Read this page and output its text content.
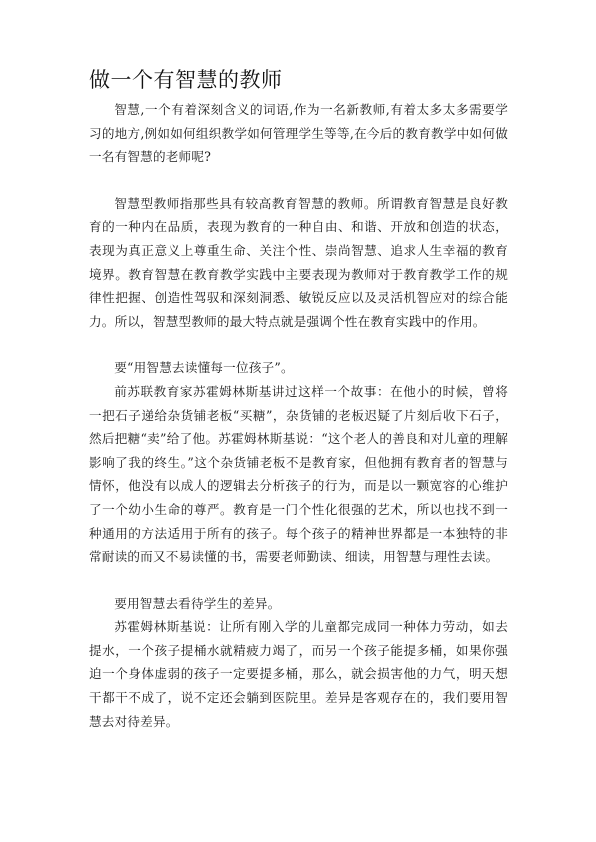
做一个有智慧的教师

智慧,一个有着深刻含义的词语,作为一名新教师,有着太多太多需要学习的地方,例如如何组织教学如何管理学生等等,在今后的教育教学中如何做一名有智慧的老师呢?

智慧型教师指那些具有较高教育智慧的教师。所谓教育智慧是良好教育的一种内在品质，表现为教育的一种自由、和谐、开放和创造的状态，表现为真正意义上尊重生命、关注个性、崇尚智慧、追求人生幸福的教育境界。教育智慧在教育教学实践中主要表现为教师对于教育教学工作的规律性把握、创造性驾驭和深刻洞悉、敏锐反应以及灵活机智应对的综合能力。所以，智慧型教师的最大特点就是强调个性在教育实践中的作用。

要“用智慧去读懂每一位孩子”。

前苏联教育家苏霍姆林斯基讲过这样一个故事：在他小的时候，曾将一把石子递给杂货铺老板“买糖”，杂货铺的老板迟疑了片刻后收下石子，然后把糖“卖”给了他。苏霍姆林斯基说：“这个老人的善良和对儿童的理解影响了我的终生。”这个杂货铺老板不是教育家，但他拥有教育者的智慧与情怀，他没有以成人的逻辑去分析孩子的行为，而是以一颗宽容的心维护了一个幼小生命的尊严。教育是一门个性化很强的艺术，所以也找不到一种通用的方法适用于所有的孩子。每个孩子的精神世界都是一本独特的非常耐读的而又不易读懂的书，需要老师勤读、细读，用智慧与理性去读。

要用智慧去看待学生的差异。

苏霍姆林斯基说：让所有刚入学的儿童都完成同一种体力劳动，如去提水，一个孩子提桶水就精疲力竭了，而另一个孩子能提多桶，如果你强迫一个身体虚弱的孩子一定要提多桶，那么，就会损害他的力气，明天想干都干不成了，说不定还会躺到医院里。差异是客观存在的，我们要用智慧去对待差异。
